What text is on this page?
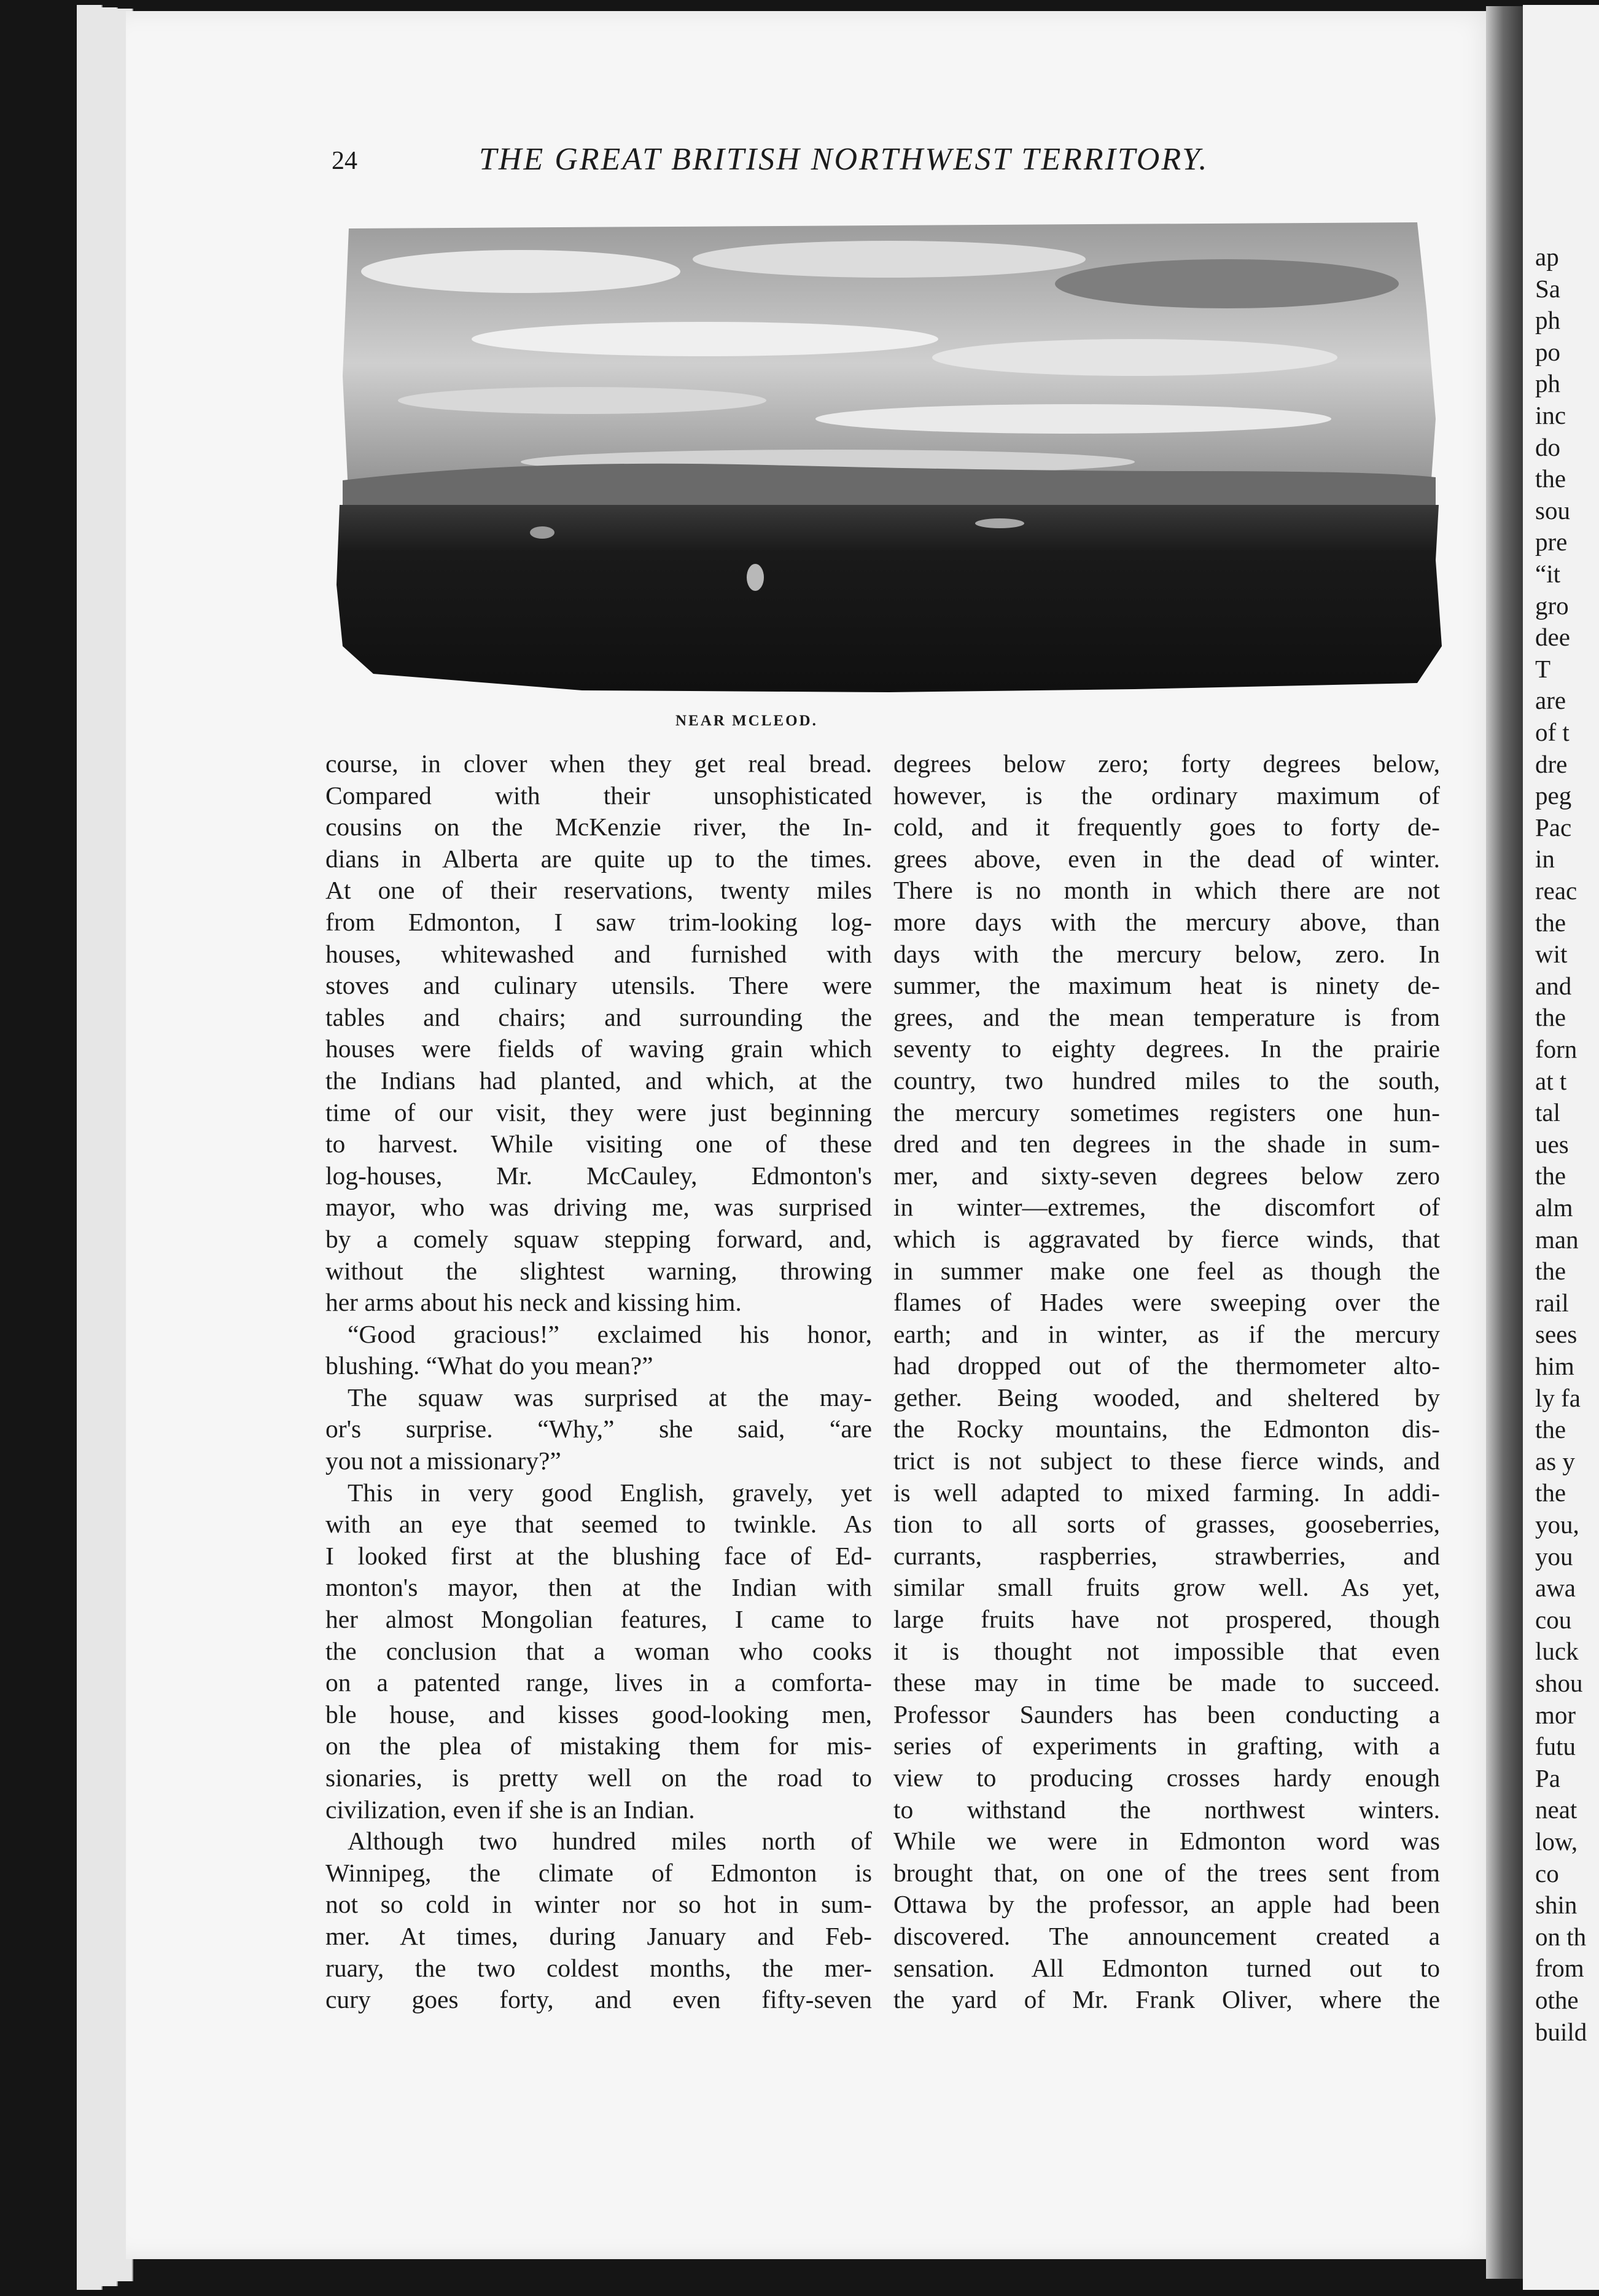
ap
Sa
ph
po
ph
inc
do
the
sou
pre
“it
gro
dee
T
are
of t
dre
peg
Pac
in
reac
the
wit
and
the
forn
at t
tal
ues
the
alm
man
the
rail
sees
him
ly fa
the
as y
the
you,
you
awa
cou
luck
shou
mor
futu
Pa
neat
low,
co
shin
on th
from
othe
build
24	THE GREAT BRITISH NORTHWEST TERRITORY.
NEAR MCLEOD.
course, in clover when they get real bread.
Compared with their unsophisticated
cousins on the McKenzie river, the In-
dians in Alberta are quite up to the times.
At one of their reservations, twenty miles
from Edmonton, I saw trim-looking log-
houses, whitewashed and furnished with
stoves and culinary utensils. There were
tables and chairs; and surrounding the
houses were fields of waving grain which
the Indians had planted, and which, at the
time of our visit, they were just beginning
to harvest. While visiting one of these
log-houses, Mr. McCauley, Edmonton's
mayor, who was driving me, was surprised
by a comely squaw stepping forward, and,
without the slightest warning, throwing
her arms about his neck and kissing him.
“Good gracious!” exclaimed his honor,
blushing. “What do you mean?”
The squaw was surprised at the may-
or's surprise. “Why,” she said, “are
you not a missionary?”
This in very good English, gravely, yet
with an eye that seemed to twinkle. As
I looked first at the blushing face of Ed-
monton's mayor, then at the Indian with
her almost Mongolian features, I came to
the conclusion that a woman who cooks
on a patented range, lives in a comforta-
ble house, and kisses good-looking men,
on the plea of mistaking them for mis-
sionaries, is pretty well on the road to
civilization, even if she is an Indian.
Although two hundred miles north of
Winnipeg, the climate of Edmonton is
not so cold in winter nor so hot in sum-
mer. At times, during January and Feb-
ruary, the two coldest months, the mer-
cury goes forty, and even fifty-seven
degrees below zero; forty degrees below,
however, is the ordinary maximum of
cold, and it frequently goes to forty de-
grees above, even in the dead of winter.
There is no month in which there are not
more days with the mercury above, than
days with the mercury below, zero. In
summer, the maximum heat is ninety de-
grees, and the mean temperature is from
seventy to eighty degrees. In the prairie
country, two hundred miles to the south,
the mercury sometimes registers one hun-
dred and ten degrees in the shade in sum-
mer, and sixty-seven degrees below zero
in winter—extremes, the discomfort of
which is aggravated by fierce winds, that
in summer make one feel as though the
flames of Hades were sweeping over the
earth; and in winter, as if the mercury
had dropped out of the thermometer alto-
gether. Being wooded, and sheltered by
the Rocky mountains, the Edmonton dis-
trict is not subject to these fierce winds, and
is well adapted to mixed farming. In addi-
tion to all sorts of grasses, gooseberries,
currants, raspberries, strawberries, and
similar small fruits grow well. As yet,
large fruits have not prospered, though
it is thought not impossible that even
these may in time be made to succeed.
Professor Saunders has been conducting a
series of experiments in grafting, with a
view to producing crosses hardy enough
to withstand the northwest winters.
While we were in Edmonton word was
brought that, on one of the trees sent from
Ottawa by the professor, an apple had been
discovered. The announcement created a
sensation. All Edmonton turned out to
the yard of Mr. Frank Oliver, where the
